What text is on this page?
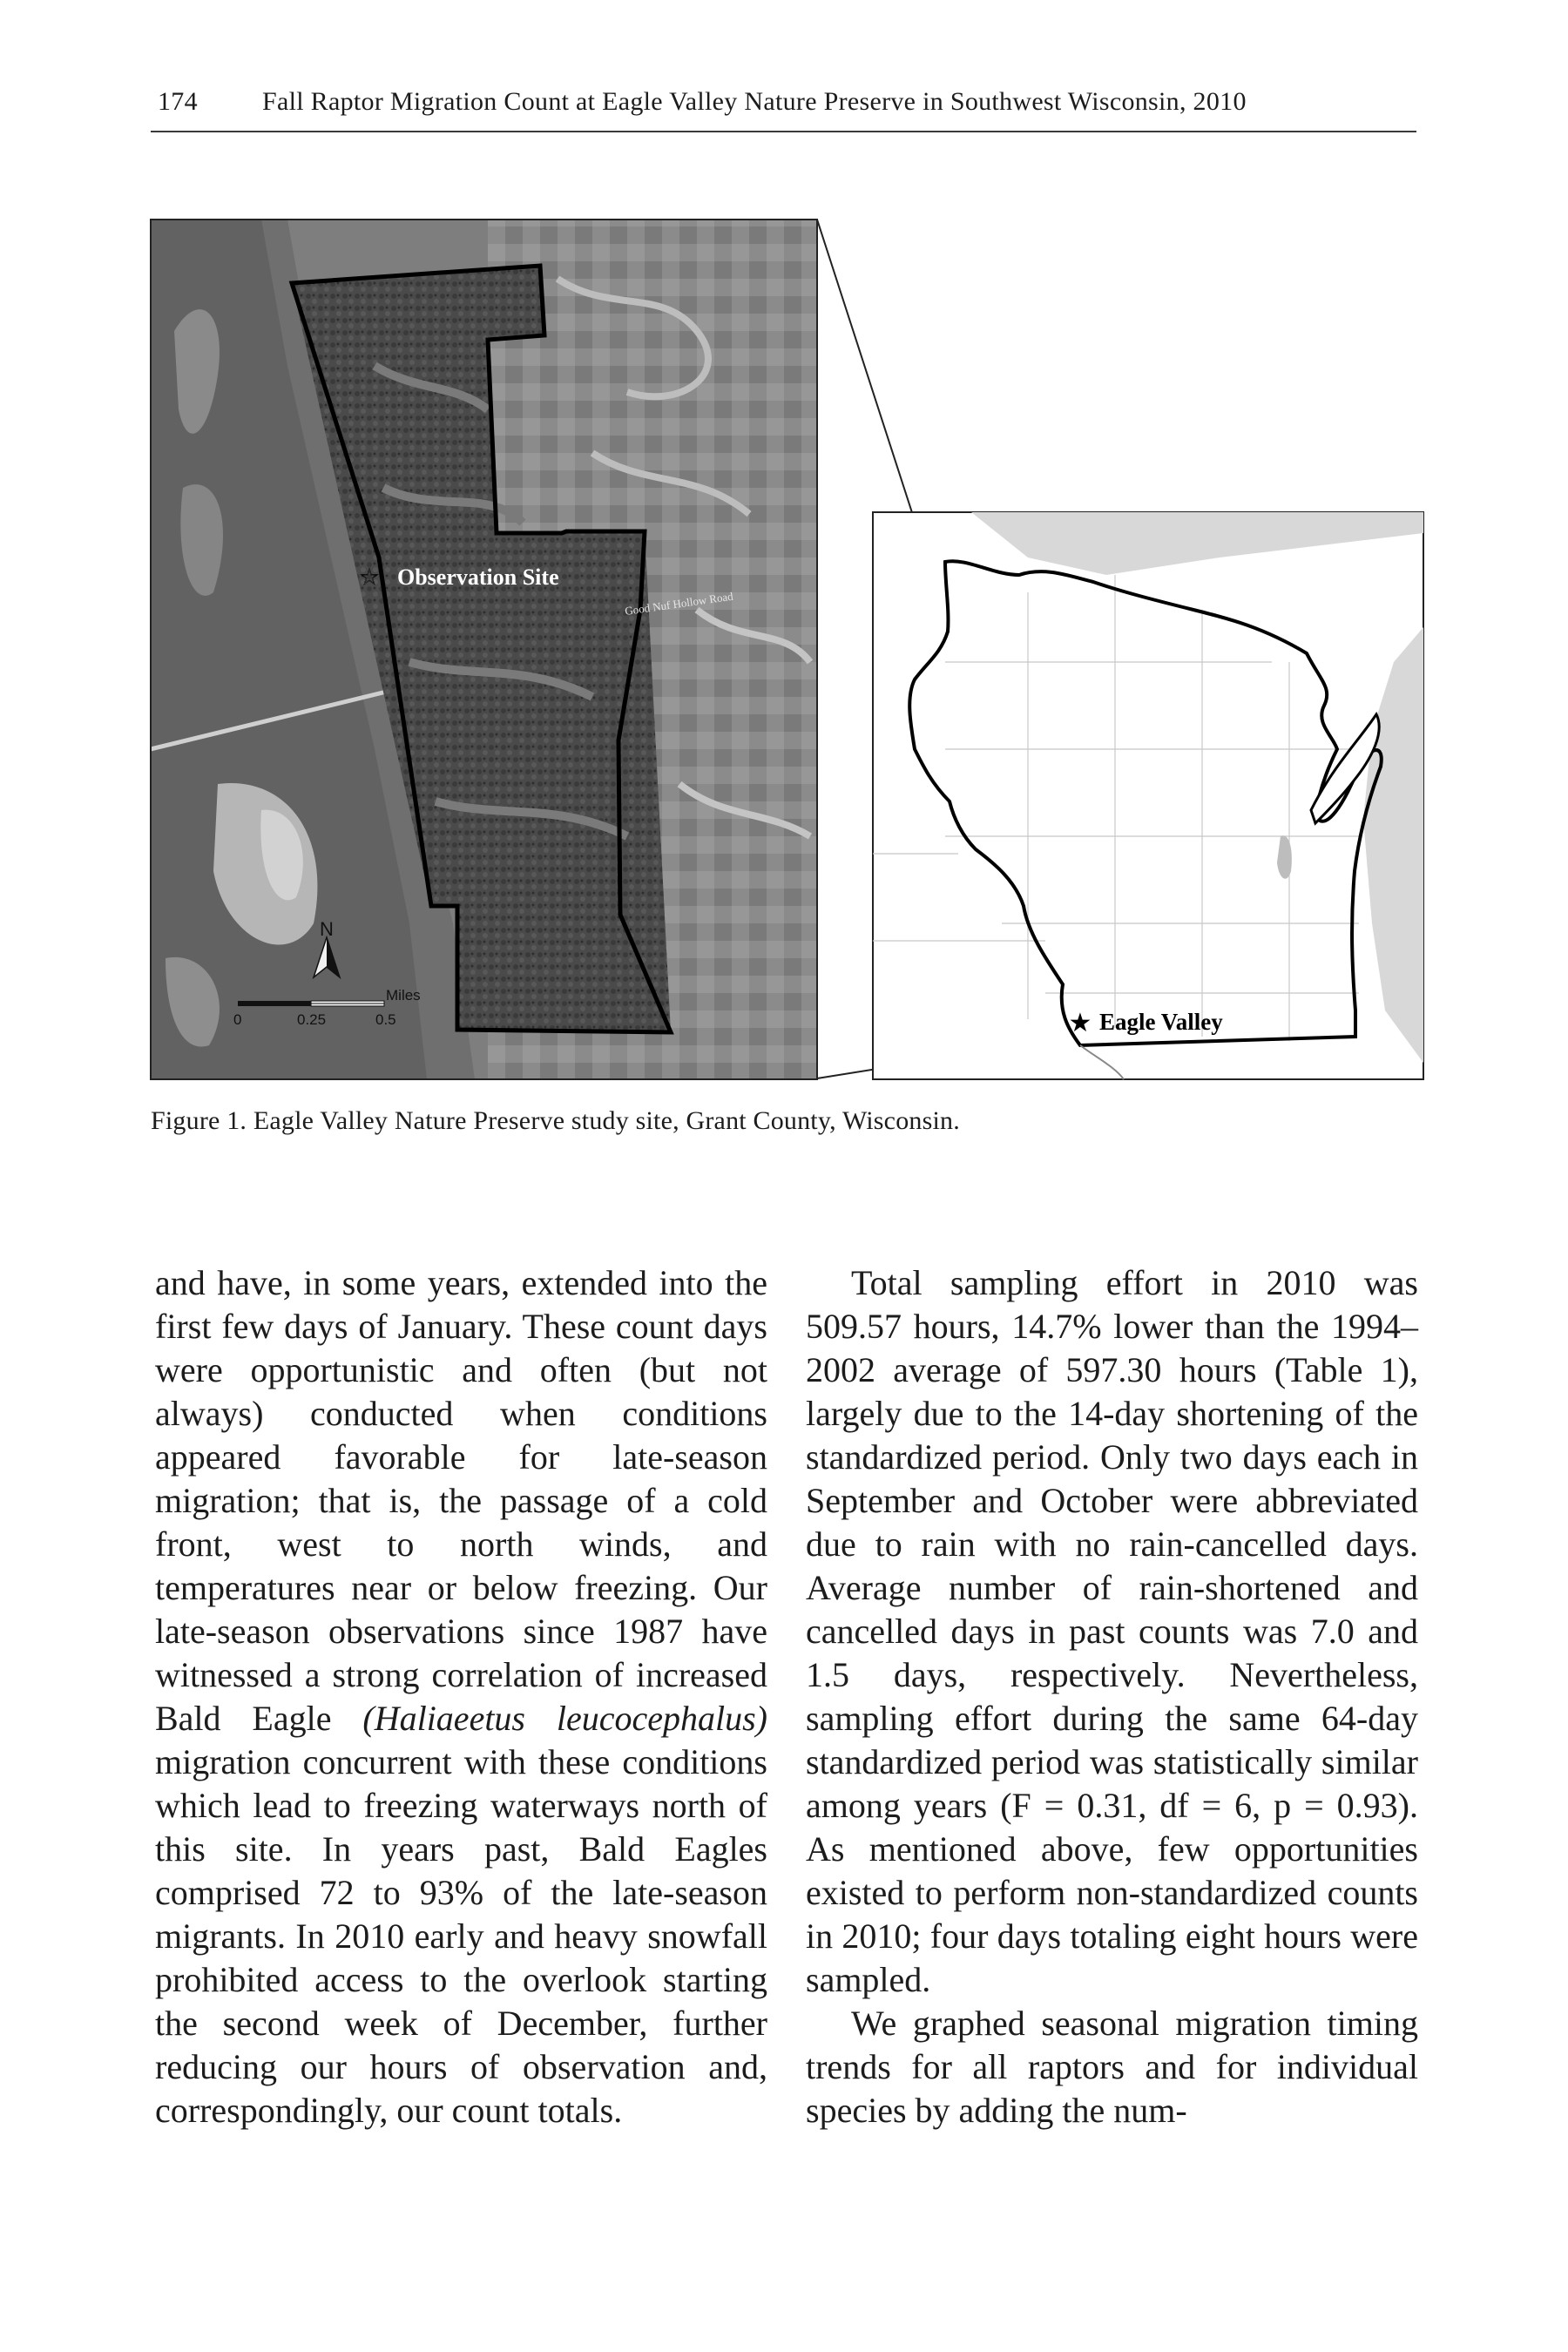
174 Fall Raptor Migration Count at Eagle Valley Nature Preserve in Southwest Wisconsin, 2010
☆ Observation Site
Good Nuf Hollow Road
N
0	0.25	0.5
Miles
★ Eagle Valley
Figure 1. Eagle Valley Nature Preserve study site, Grant County, Wisconsin.

and have, in some years, extended into the first few days of January. These count days were opportunistic and often (but not always) conducted when conditions appeared favorable for late-season migration; that is, the passage of a cold front, west to north winds, and temperatures near or below freezing. Our late-season observations since 1987 have witnessed a strong correlation of increased Bald Eagle (Haliaeetus leucocephalus) migration concurrent with these conditions which lead to freezing waterways north of this site. In years past, Bald Eagles comprised 72 to 93% of the late-season migrants. In 2010 early and heavy snowfall prohibited access to the overlook starting the second week of December, further reducing our hours of observation and, correspondingly, our count totals.

Total sampling effort in 2010 was 509.57 hours, 14.7% lower than the 1994–2002 average of 597.30 hours (Table 1), largely due to the 14-day shortening of the standardized period. Only two days each in September and October were abbreviated due to rain with no rain-cancelled days. Average number of rain-shortened and cancelled days in past counts was 7.0 and 1.5 days, respectively. Nevertheless, sampling effort during the same 64-day standardized period was statistically similar among years (F = 0.31, df = 6, p = 0.93). As mentioned above, few opportunities existed to perform non-standardized counts in 2010; four days totaling eight hours were sampled.

We graphed seasonal migration timing trends for all raptors and for individual species by adding the num-
